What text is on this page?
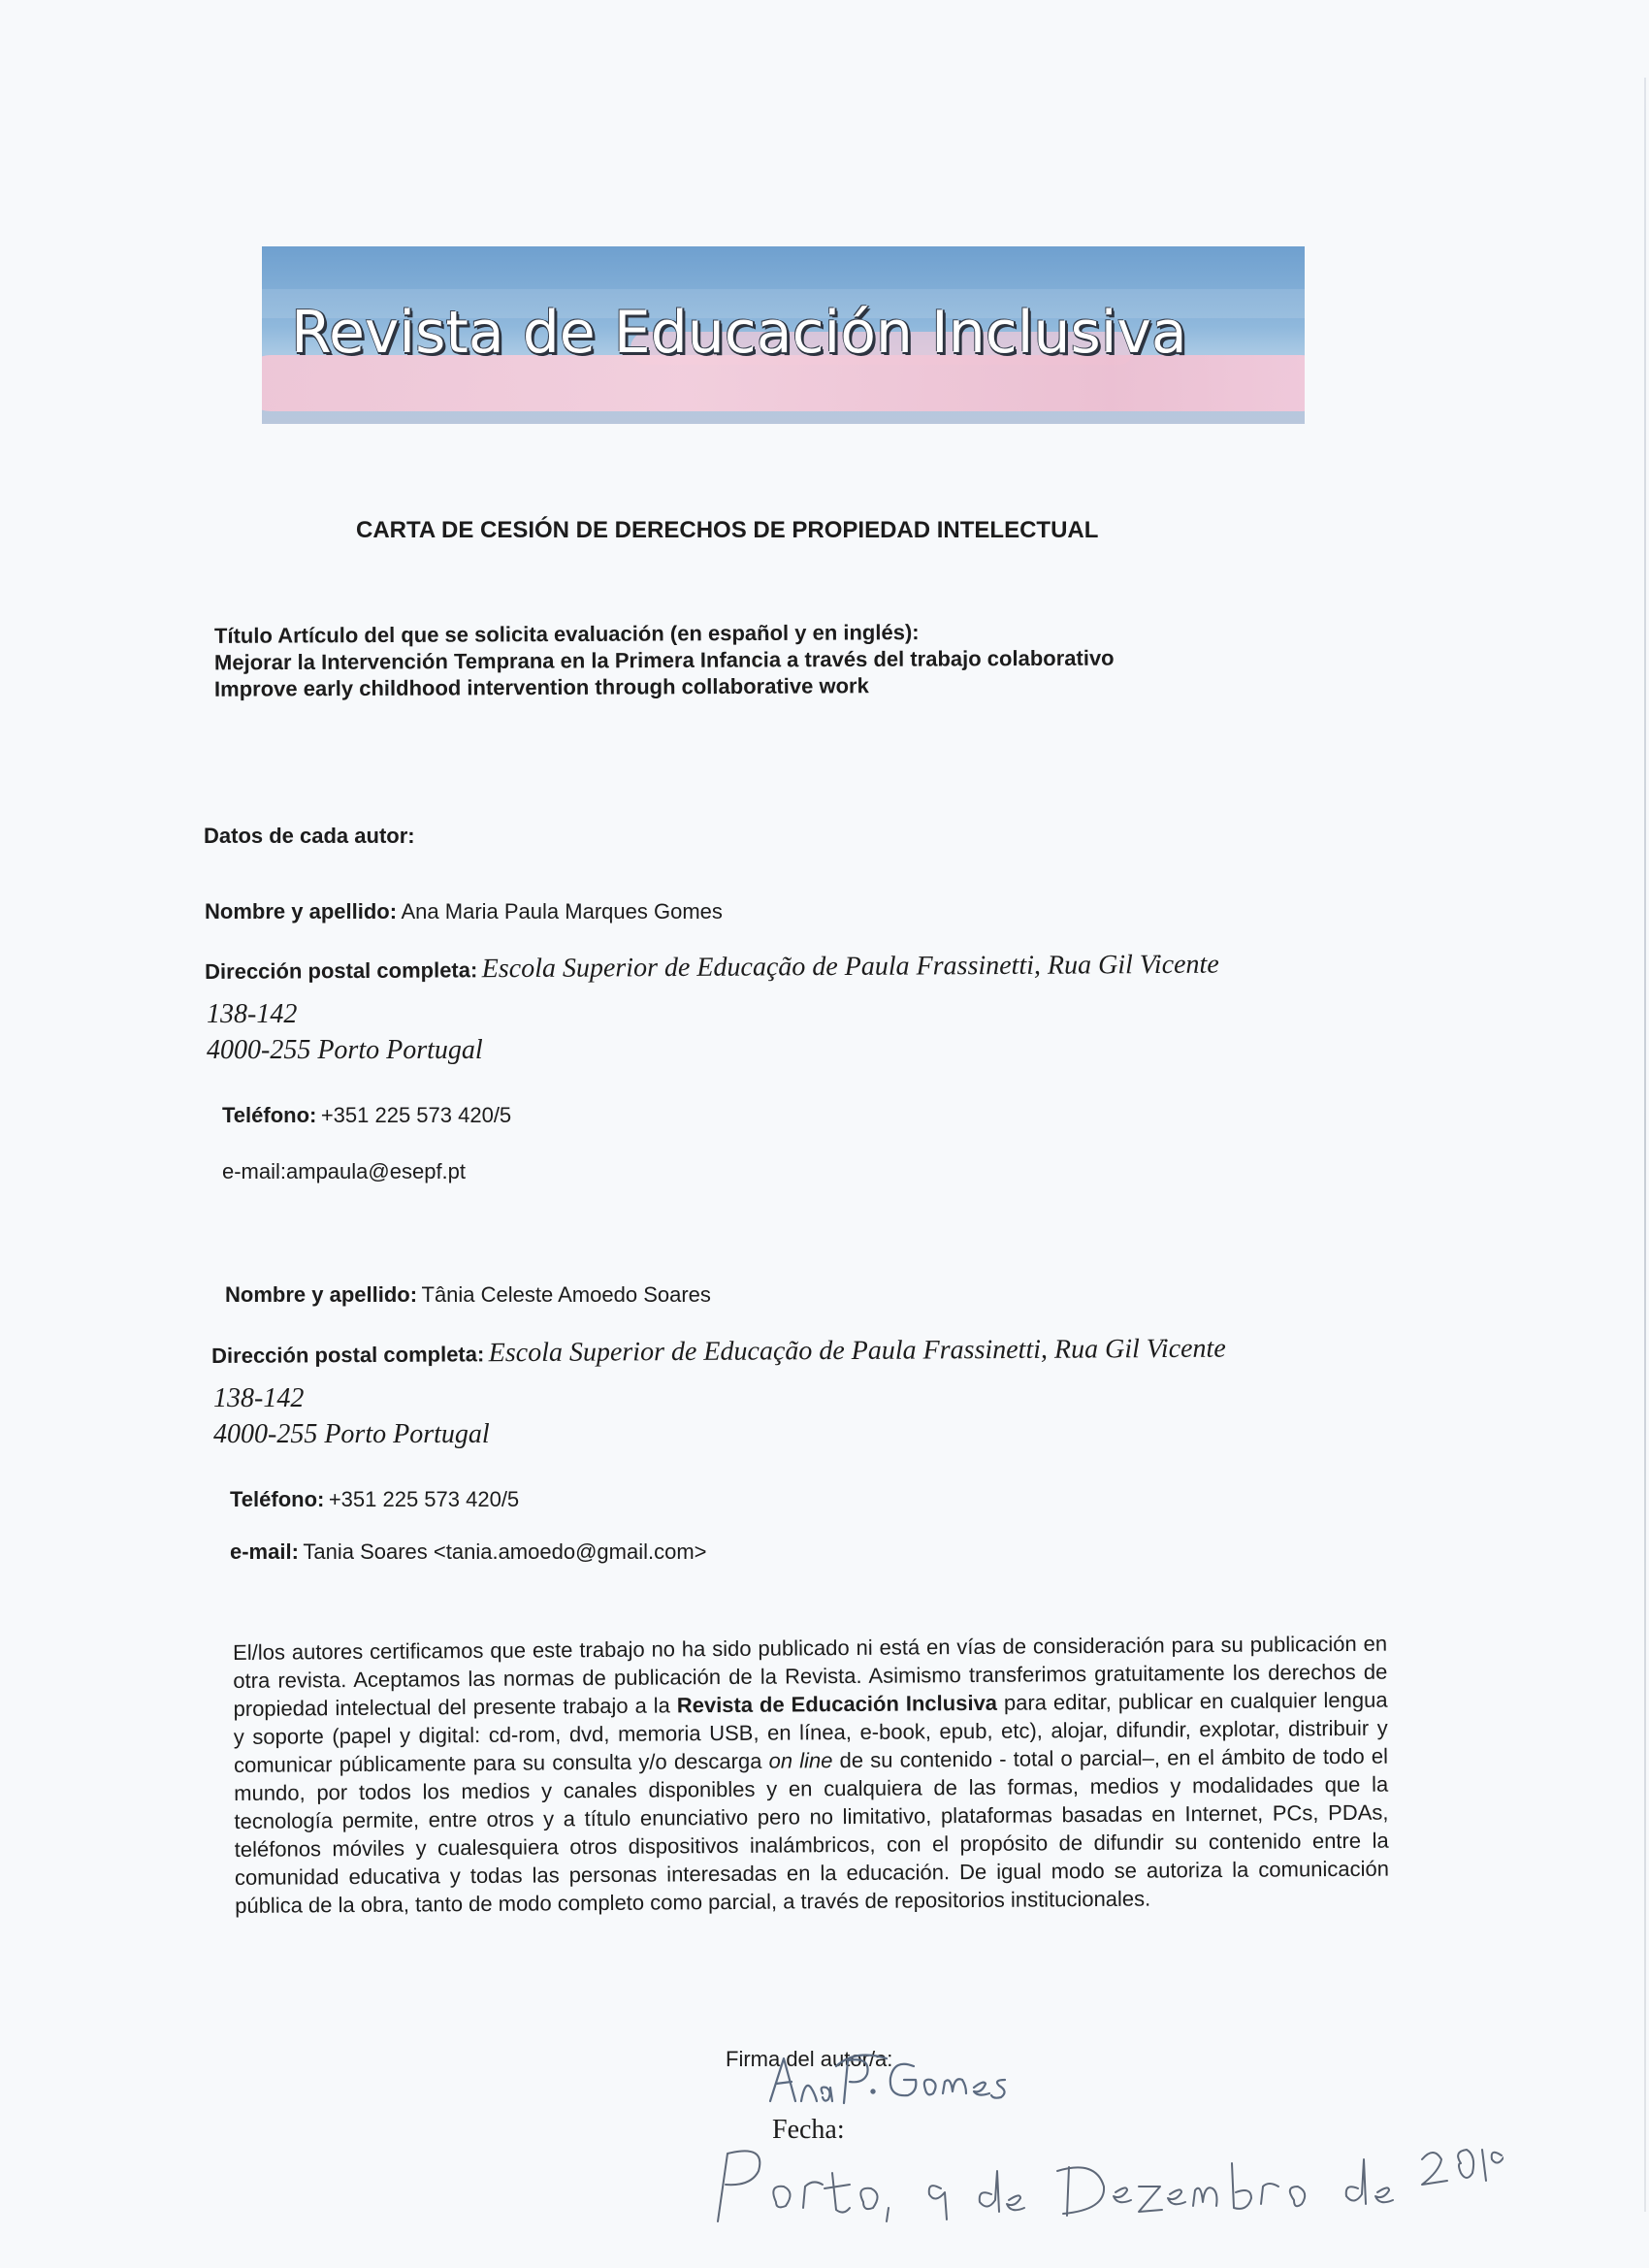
Revista de Educación Inclusiva
CARTA DE CESIÓN DE DERECHOS DE PROPIEDAD INTELECTUAL
Título Artículo del que se solicita evaluación (en español y en inglés):
Mejorar la Intervención Temprana en la Primera Infancia a través del trabajo colaborativo
Improve early childhood intervention through collaborative work
Datos de cada autor:
Nombre y apellido: Ana Maria Paula Marques Gomes
Dirección postal completa: Escola Superior de Educação de Paula Frassinetti, Rua Gil Vicente
138-142
4000-255 Porto Portugal
Teléfono: +351 225 573 420/5
e-mail:ampaula@esepf.pt
Nombre y apellido: Tânia Celeste Amoedo Soares
Dirección postal completa: Escola Superior de Educação de Paula Frassinetti, Rua Gil Vicente
138-142
4000-255 Porto Portugal
Teléfono: +351 225 573 420/5
e-mail: Tania Soares <tania.amoedo@gmail.com>
El/los autores certificamos que este trabajo no ha sido publicado ni está en vías de consideración para su publicación en otra revista. Aceptamos las normas de publicación de la Revista. Asimismo transferimos gratuitamente los derechos de propiedad intelectual del presente trabajo a la Revista de Educación Inclusiva para editar, publicar en cualquier lengua y soporte (papel y digital: cd-rom, dvd, memoria USB, en línea, e-book, epub, etc), alojar, difundir, explotar, distribuir y comunicar públicamente para su consulta y/o descarga on line de su contenido - total o parcial–, en el ámbito de todo el mundo, por todos los medios y canales disponibles y en cualquiera de las formas, medios y modalidades que la tecnología permite, entre otros y a título enunciativo pero no limitativo, plataformas basadas en Internet, PCs, PDAs, teléfonos móviles y cualesquiera otros dispositivos inalámbricos, con el propósito de difundir su contenido entre la comunidad educativa y todas las personas interesadas en la educación. De igual modo se autoriza la comunicación pública de la obra, tanto de modo completo como parcial, a través de repositorios institucionales.
Firma del autor/a:
Fecha:
